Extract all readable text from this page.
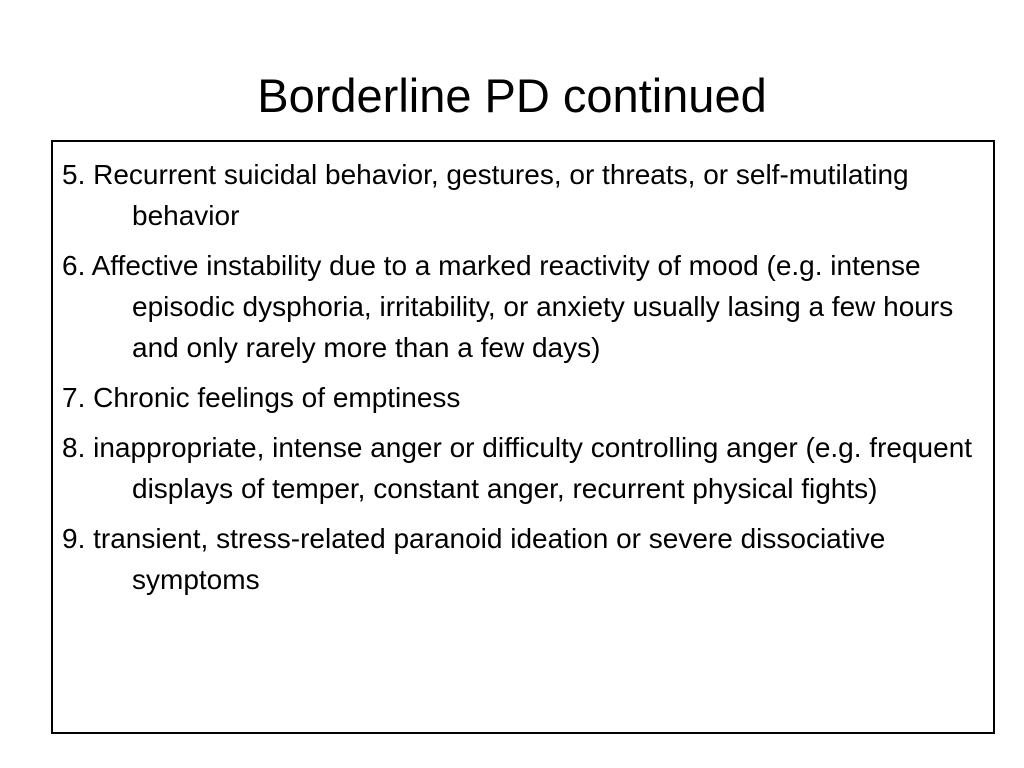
Borderline PD continued
5. Recurrent suicidal behavior, gestures, or threats, or self-mutilating behavior
6. Affective instability due to a marked reactivity of mood (e.g. intense episodic dysphoria, irritability, or anxiety usually lasing a few hours and only rarely more than a few days)
7. Chronic feelings of emptiness
8. inappropriate, intense anger or difficulty controlling anger (e.g. frequent displays of temper, constant anger, recurrent physical fights)
9. transient, stress-related paranoid ideation or severe dissociative symptoms
